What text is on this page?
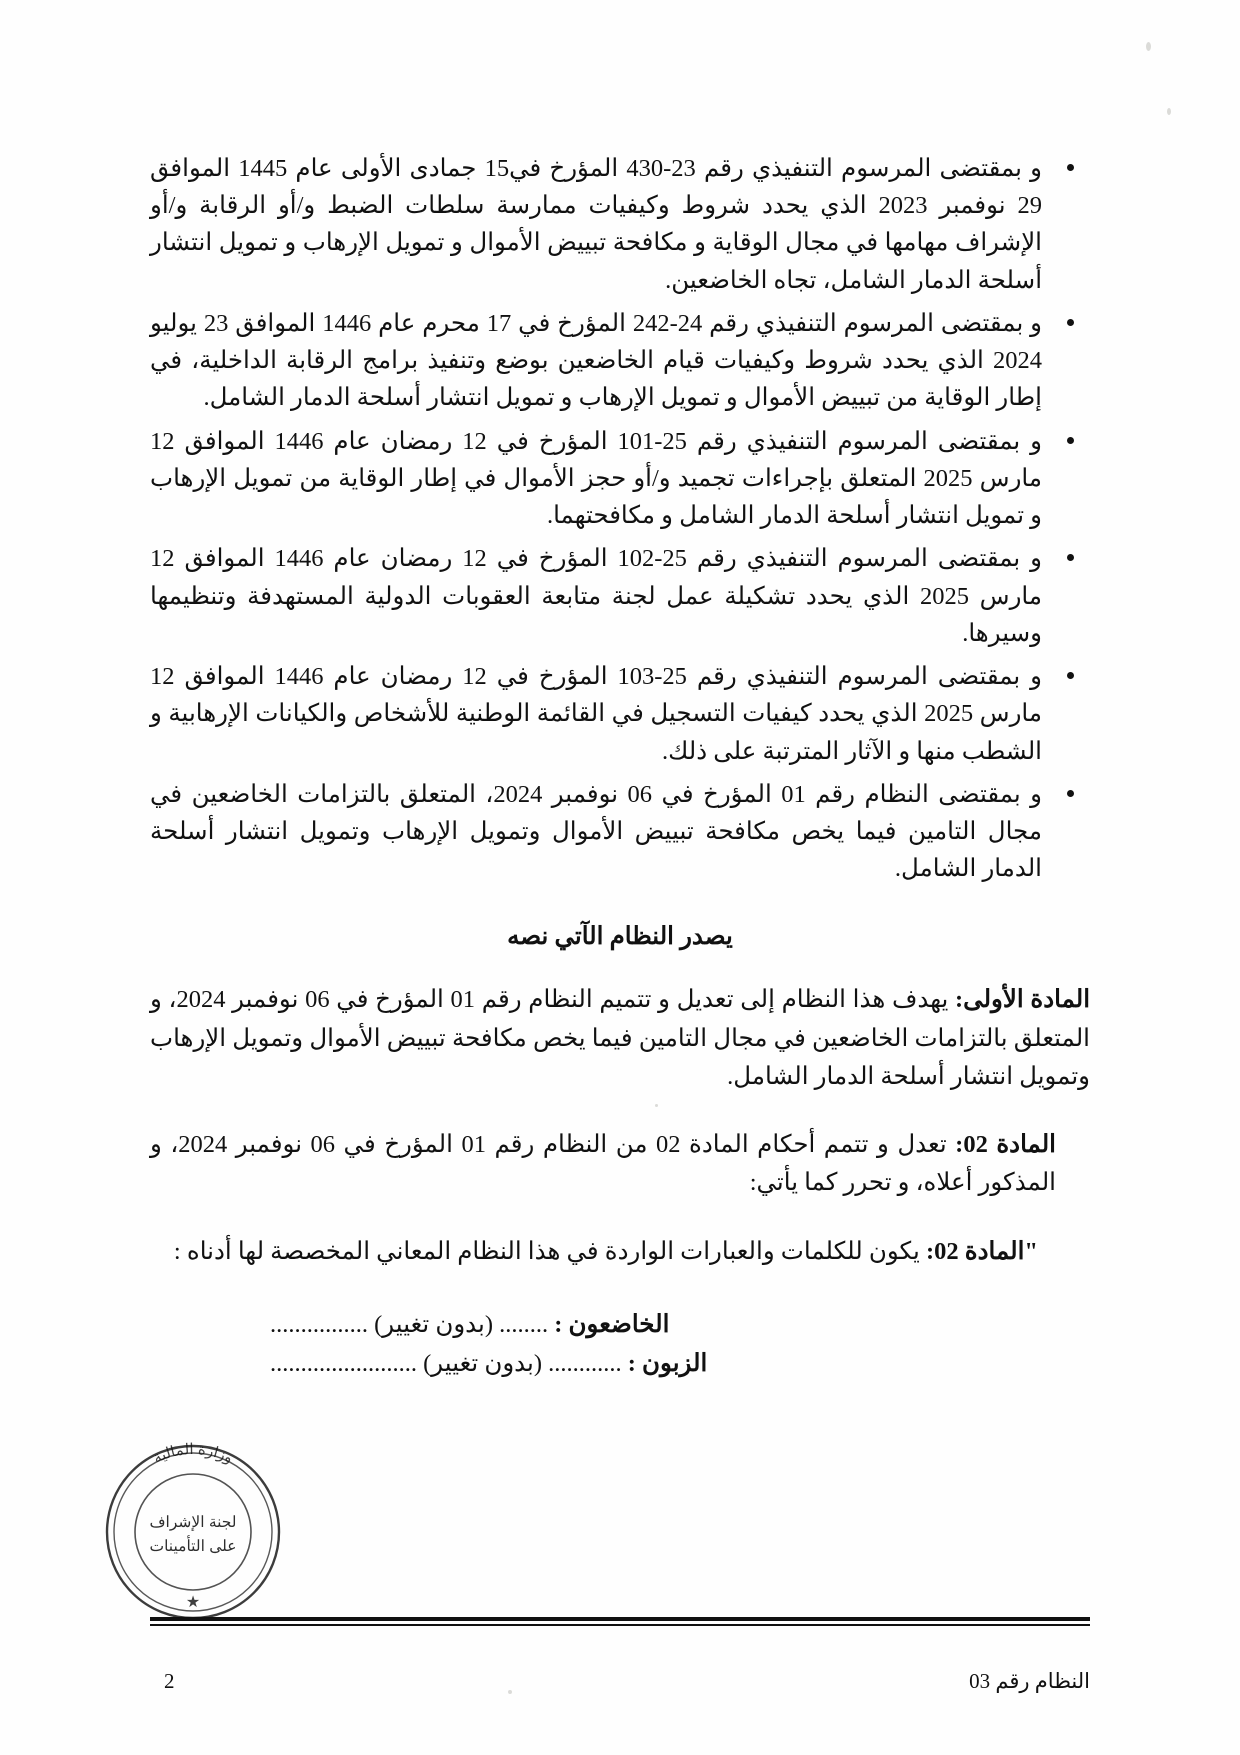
و بمقتضى المرسوم التنفيذي رقم 23-430 المؤرخ في15 جمادى الأولى عام 1445 الموافق 29 نوفمبر 2023 الذي يحدد شروط وكيفيات ممارسة سلطات الضبط و/أو الرقابة و/أو الإشراف مهامها في مجال الوقاية و مكافحة تبييض الأموال و تمويل الإرهاب و تمويل انتشار أسلحة الدمار الشامل، تجاه الخاضعين.
و بمقتضى المرسوم التنفيذي رقم 24-242 المؤرخ في 17 محرم عام 1446 الموافق 23 يوليو 2024 الذي يحدد شروط وكيفيات قيام الخاضعين بوضع وتنفيذ برامج الرقابة الداخلية، في إطار الوقاية من تبييض الأموال و تمويل الإرهاب و تمويل انتشار أسلحة الدمار الشامل.
و بمقتضى المرسوم التنفيذي رقم 25-101 المؤرخ في 12 رمضان عام 1446 الموافق 12 مارس 2025 المتعلق بإجراءات تجميد و/أو حجز الأموال في إطار الوقاية من تمويل الإرهاب و تمويل انتشار أسلحة الدمار الشامل و مكافحتهما.
و بمقتضى المرسوم التنفيذي رقم 25-102 المؤرخ في 12 رمضان عام 1446 الموافق 12 مارس 2025 الذي يحدد تشكيلة عمل لجنة متابعة العقوبات الدولية المستهدفة وتنظيمها وسيرها.
و بمقتضى المرسوم التنفيذي رقم 25-103 المؤرخ في 12 رمضان عام 1446 الموافق 12 مارس 2025 الذي يحدد كيفيات التسجيل في القائمة الوطنية للأشخاص والكيانات الإرهابية و الشطب منها و الآثار المترتبة على ذلك.
و بمقتضى النظام رقم 01 المؤرخ في 06 نوفمبر 2024، المتعلق بالتزامات الخاضعين في مجال التامين فيما يخص مكافحة تبييض الأموال وتمويل الإرهاب وتمويل انتشار أسلحة الدمار الشامل.
يصدر النظام الآتي نصه
المادة الأولى: يهدف هذا النظام إلى تعديل و تتميم النظام رقم 01 المؤرخ في 06 نوفمبر 2024، و المتعلق بالتزامات الخاضعين في مجال التامين فيما يخص مكافحة تبييض الأموال وتمويل الإرهاب وتمويل انتشار أسلحة الدمار الشامل.
المادة 02: تعدل و تتمم أحكام المادة 02 من النظام رقم 01 المؤرخ في 06 نوفمبر 2024، و المذكور أعلاه، و تحرر كما يأتي:
"المادة 02: يكون للكلمات والعبارات الواردة في هذا النظام المعاني المخصصة لها أدناه :
الخاضعون : ........ (بدون تغيير) ................
الزبون : ............ (بدون تغيير) ........................
وزارة المالية
لجنة الإشراف
على التأمينات
★
النظام رقم 03
2
